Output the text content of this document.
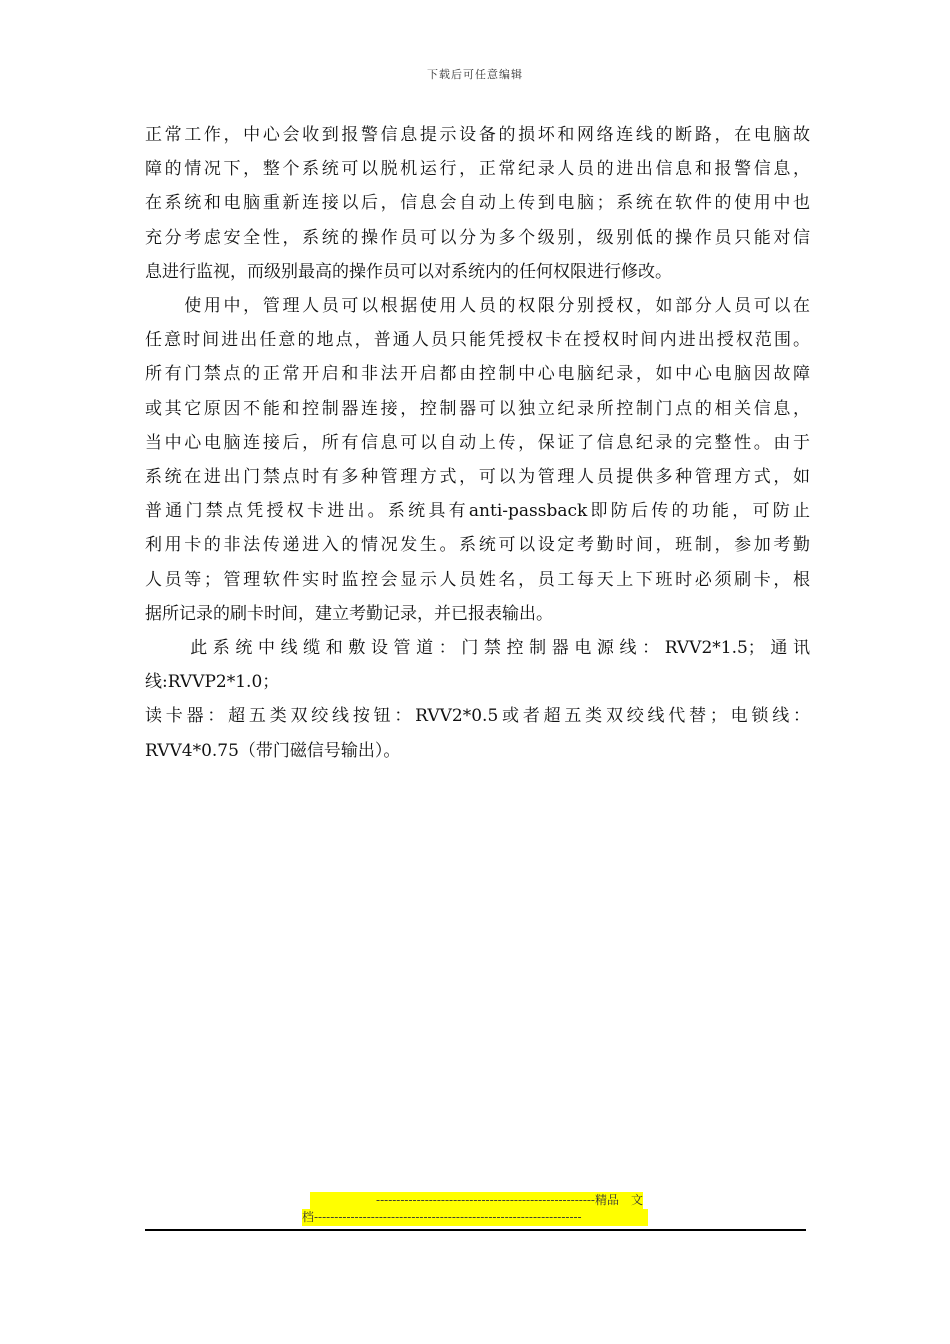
下载后可任意编辑

正常工作，中心会收到报警信息提示设备的损坏和网络连线的断路，在电脑故
障的情况下，整个系统可以脱机运行，正常纪录人员的进出信息和报警信息，
在系统和电脑重新连接以后，信息会自动上传到电脑；系统在软件的使用中也
充分考虑安全性，系统的操作员可以分为多个级别，级别低的操作员只能对信
息进行监视，而级别最高的操作员可以对系统内的任何权限进行修改。

　　使用中，管理人员可以根据使用人员的权限分别授权，如部分人员可以在
任意时间进出任意的地点，普通人员只能凭授权卡在授权时间内进出授权范围。
所有门禁点的正常开启和非法开启都由控制中心电脑纪录，如中心电脑因故障
或其它原因不能和控制器连接，控制器可以独立纪录所控制门点的相关信息，
当中心电脑连接后，所有信息可以自动上传，保证了信息纪录的完整性。由于
系统在进出门禁点时有多种管理方式，可以为管理人员提供多种管理方式，如
普通门禁点凭授权卡进出。系统具有anti-passback即防后传的功能，可防止
利用卡的非法传递进入的情况发生。系统可以设定考勤时间，班制，参加考勤
人员等；管理软件实时监控会显示人员姓名，员工每天上下班时必须刷卡，根
据所记录的刷卡时间，建立考勤记录，并已报表输出。

　　此系统中线缆和敷设管道：门禁控制器电源线：RVV2*1.5；通讯
线:RVVP2*1.0；

读卡器：超五类双绞线按钮：RVV2*0.5或者超五类双绞线代替；电锁线：
RVV4*0.75（带门磁信号输出）。

------------------------------------------------------精品　文
档------------------------------------------------------------------
